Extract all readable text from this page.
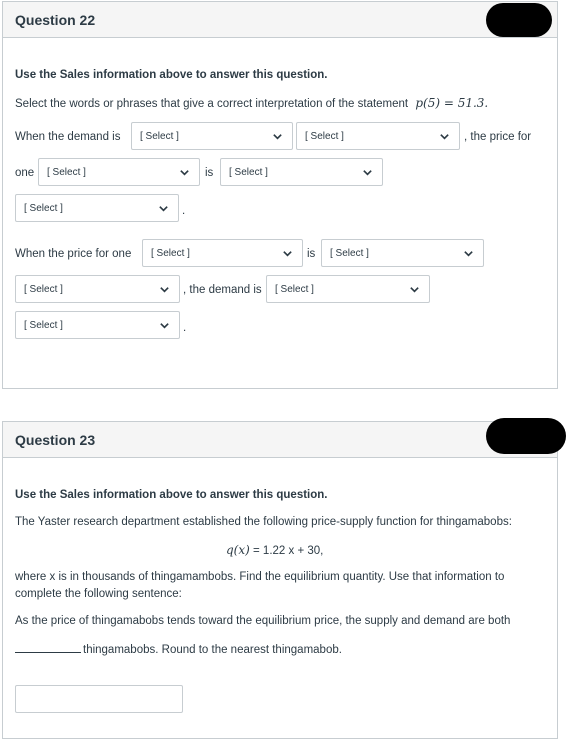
Question 22
Use the Sales information above to answer this question.
Select the words or phrases that give a correct interpretation of the statement p(5) = 51.3.
When the demand is [ Select ]	[ Select ]	, the price for
one [ Select ]	is [ Select ]
[ Select ]	.
When the price for one [ Select ]	is [ Select ]
[ Select ]	, the demand is [ Select ]
[ Select ]	.
Question 23
Use the Sales information above to answer this question.
The Yaster research department established the following price-supply function for thingamabobs:
q(x) = 1.22 x + 30,
where x is in thousands of thingamambobs. Find the equilibrium quantity. Use that information to
complete the following sentence:
As the price of thingamabobs tends toward the equilibrium price, the supply and demand are both
thingamabobs. Round to the nearest thingamabob.
